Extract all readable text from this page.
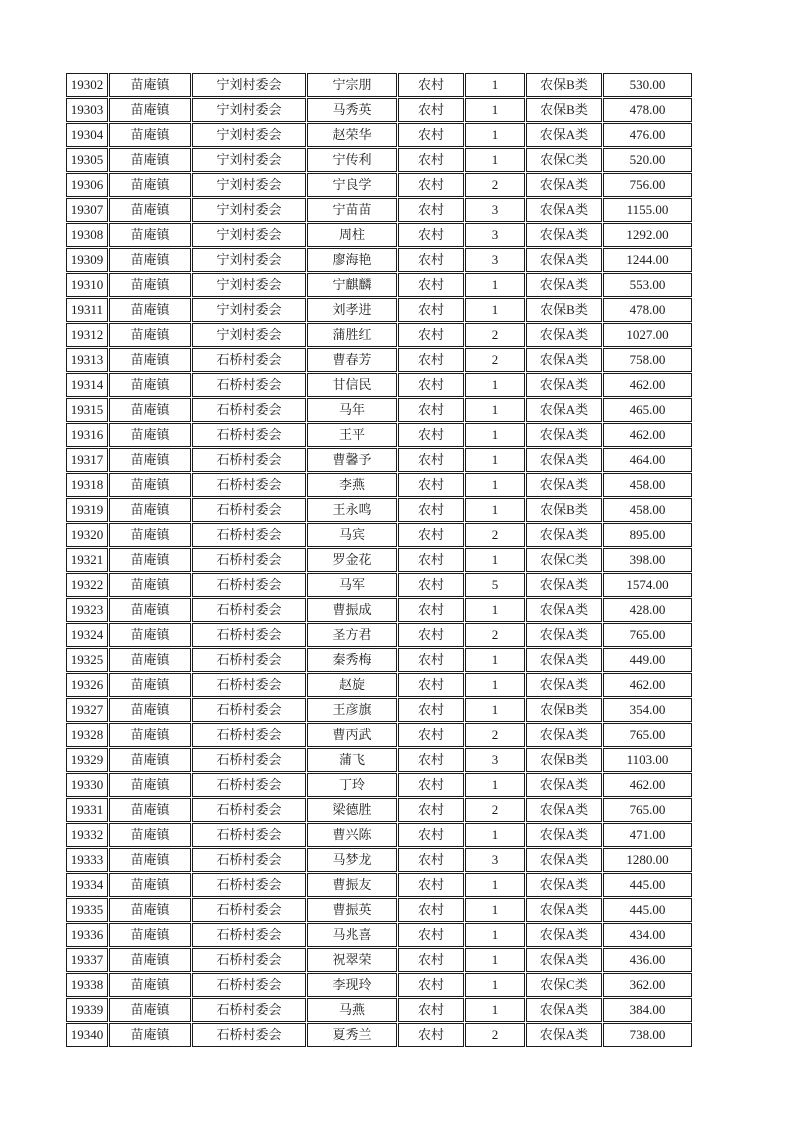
19302	苗庵镇	宁刘村委会	宁宗朋	农村	1	农保B类	530.00
19303	苗庵镇	宁刘村委会	马秀英	农村	1	农保B类	478.00
19304	苗庵镇	宁刘村委会	赵荣华	农村	1	农保A类	476.00
19305	苗庵镇	宁刘村委会	宁传利	农村	1	农保C类	520.00
19306	苗庵镇	宁刘村委会	宁良学	农村	2	农保A类	756.00
19307	苗庵镇	宁刘村委会	宁苗苗	农村	3	农保A类	1155.00
19308	苗庵镇	宁刘村委会	周柱	农村	3	农保A类	1292.00
19309	苗庵镇	宁刘村委会	廖海艳	农村	3	农保A类	1244.00
19310	苗庵镇	宁刘村委会	宁麒麟	农村	1	农保A类	553.00
19311	苗庵镇	宁刘村委会	刘孝进	农村	1	农保B类	478.00
19312	苗庵镇	宁刘村委会	蒲胜红	农村	2	农保A类	1027.00
19313	苗庵镇	石桥村委会	曹春芳	农村	2	农保A类	758.00
19314	苗庵镇	石桥村委会	甘信民	农村	1	农保A类	462.00
19315	苗庵镇	石桥村委会	马年	农村	1	农保A类	465.00
19316	苗庵镇	石桥村委会	王平	农村	1	农保A类	462.00
19317	苗庵镇	石桥村委会	曹馨予	农村	1	农保A类	464.00
19318	苗庵镇	石桥村委会	李燕	农村	1	农保A类	458.00
19319	苗庵镇	石桥村委会	王永鸣	农村	1	农保B类	458.00
19320	苗庵镇	石桥村委会	马宾	农村	2	农保A类	895.00
19321	苗庵镇	石桥村委会	罗金花	农村	1	农保C类	398.00
19322	苗庵镇	石桥村委会	马军	农村	5	农保A类	1574.00
19323	苗庵镇	石桥村委会	曹振成	农村	1	农保A类	428.00
19324	苗庵镇	石桥村委会	圣方君	农村	2	农保A类	765.00
19325	苗庵镇	石桥村委会	秦秀梅	农村	1	农保A类	449.00
19326	苗庵镇	石桥村委会	赵旋	农村	1	农保A类	462.00
19327	苗庵镇	石桥村委会	王彦旗	农村	1	农保B类	354.00
19328	苗庵镇	石桥村委会	曹丙武	农村	2	农保A类	765.00
19329	苗庵镇	石桥村委会	蒲飞	农村	3	农保B类	1103.00
19330	苗庵镇	石桥村委会	丁玲	农村	1	农保A类	462.00
19331	苗庵镇	石桥村委会	梁德胜	农村	2	农保A类	765.00
19332	苗庵镇	石桥村委会	曹兴陈	农村	1	农保A类	471.00
19333	苗庵镇	石桥村委会	马梦龙	农村	3	农保A类	1280.00
19334	苗庵镇	石桥村委会	曹振友	农村	1	农保A类	445.00
19335	苗庵镇	石桥村委会	曹振英	农村	1	农保A类	445.00
19336	苗庵镇	石桥村委会	马兆喜	农村	1	农保A类	434.00
19337	苗庵镇	石桥村委会	祝翠荣	农村	1	农保A类	436.00
19338	苗庵镇	石桥村委会	李现玲	农村	1	农保C类	362.00
19339	苗庵镇	石桥村委会	马燕	农村	1	农保A类	384.00
19340	苗庵镇	石桥村委会	夏秀兰	农村	2	农保A类	738.00
